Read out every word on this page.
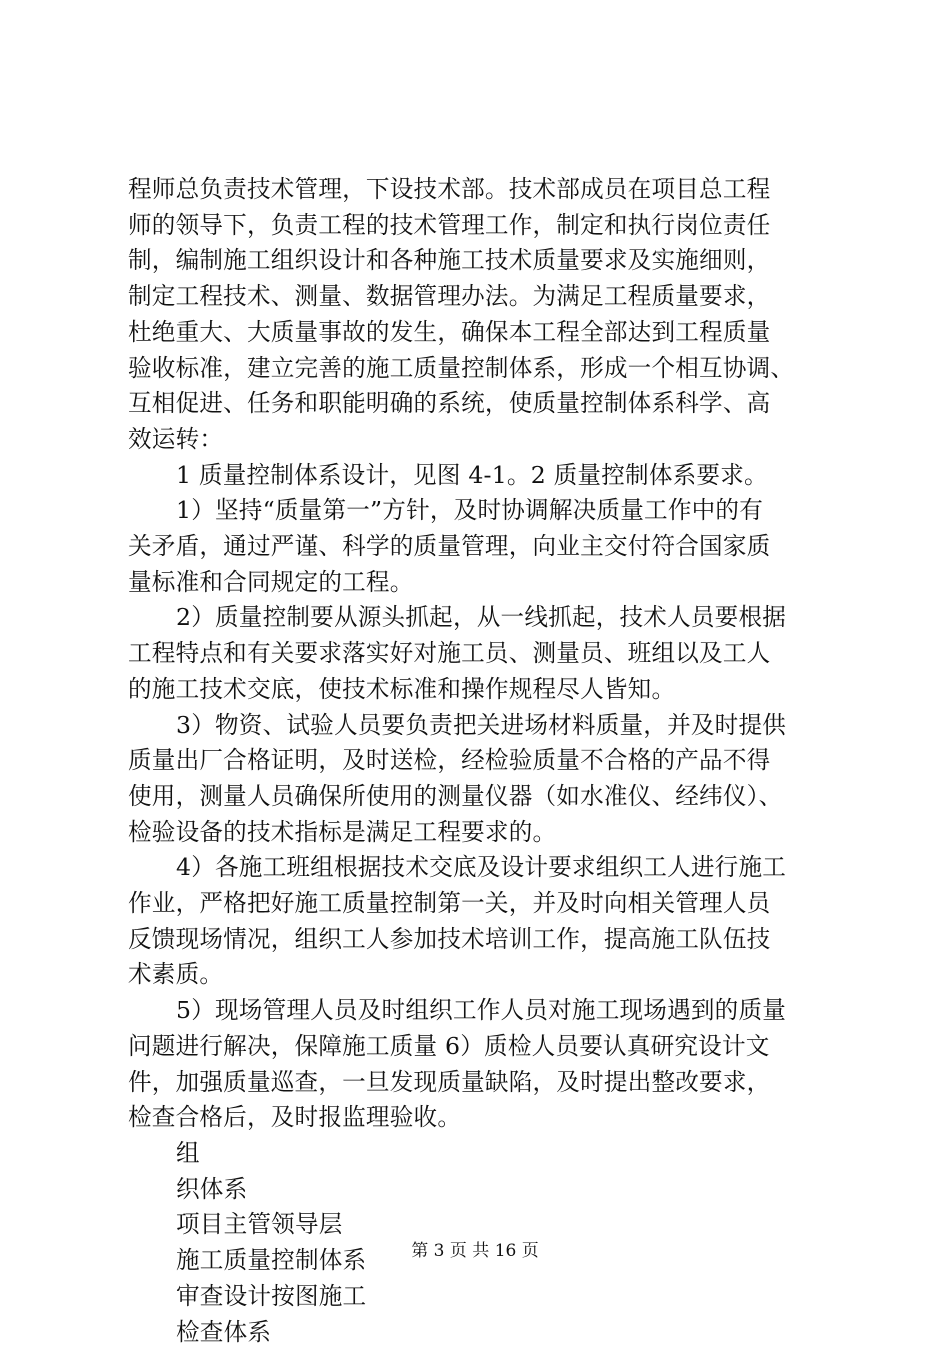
程师总负责技术管理，下设技术部。技术部成员在项目总工程
师的领导下，负责工程的技术管理工作，制定和执行岗位责任
制，编制施工组织设计和各种施工技术质量要求及实施细则，
制定工程技术、测量、数据管理办法。为满足工程质量要求，
杜绝重大、大质量事故的发生，确保本工程全部达到工程质量
验收标准，建立完善的施工质量控制体系，形成一个相互协调、
互相促进、任务和职能明确的系统，使质量控制体系科学、高
效运转：
1 质量控制体系设计，见图 4-1。2 质量控制体系要求。
1）坚持“质量第一”方针，及时协调解决质量工作中的有
关矛盾，通过严谨、科学的质量管理，向业主交付符合国家质
量标准和合同规定的工程。
2）质量控制要从源头抓起，从一线抓起，技术人员要根据
工程特点和有关要求落实好对施工员、测量员、班组以及工人
的施工技术交底，使技术标准和操作规程尽人皆知。
3）物资、试验人员要负责把关进场材料质量，并及时提供
质量出厂合格证明，及时送检，经检验质量不合格的产品不得
使用，测量人员确保所使用的测量仪器（如水准仪、经纬仪）、
检验设备的技术指标是满足工程要求的。
4）各施工班组根据技术交底及设计要求组织工人进行施工
作业，严格把好施工质量控制第一关，并及时向相关管理人员
反馈现场情况，组织工人参加技术培训工作，提高施工队伍技
术素质。
5）现场管理人员及时组织工作人员对施工现场遇到的质量
问题进行解决，保障施工质量 6）质检人员要认真研究设计文
件，加强质量巡查，一旦发现质量缺陷，及时提出整改要求，
检查合格后，及时报监理验收。
组
织体系
项目主管领导层
施工质量控制体系
审查设计按图施工
检查体系
第 3 页 共 16 页
